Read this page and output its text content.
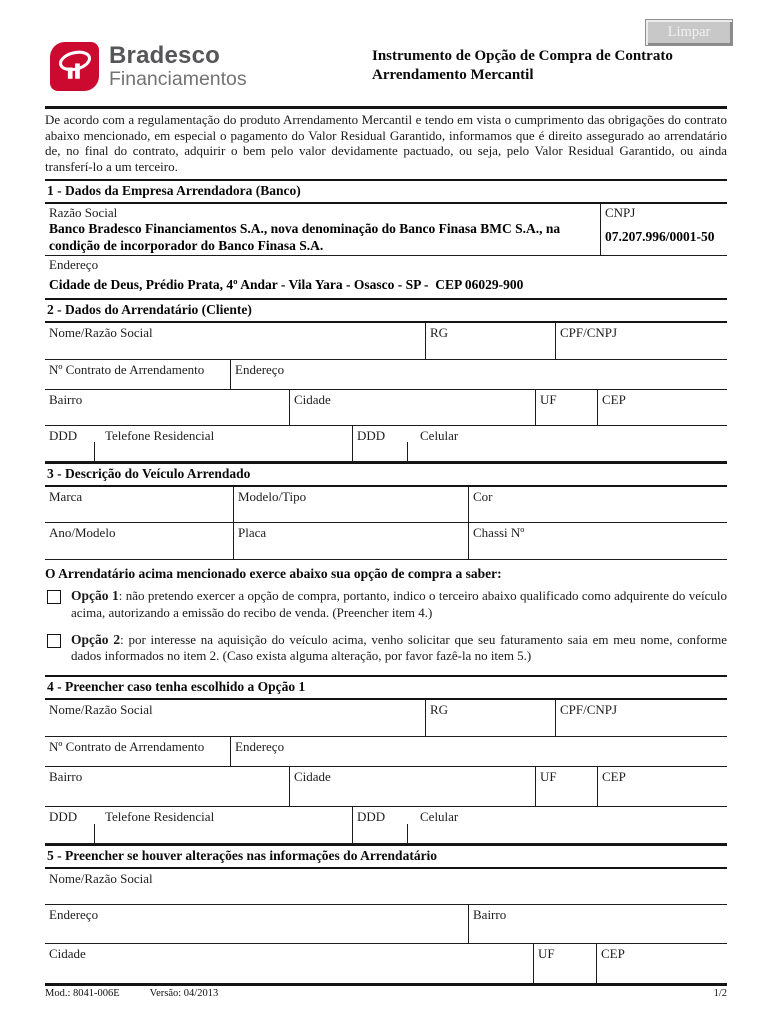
Limpar
Bradesco
Financiamentos
Instrumento de Opção de Compra de Contrato
Arrendamento Mercantil
De acordo com a regulamentação do produto Arrendamento Mercantil e tendo em vista o cumprimento das obrigações do contrato abaixo mencionado, em especial o pagamento do Valor Residual Garantido, informamos que é direito assegurado ao arrendatário de, no final do contrato, adquirir o bem pelo valor devidamente pactuado, ou seja, pelo Valor Residual Garantido, ou ainda transferí-lo a um terceiro.
1 - Dados da Empresa Arrendadora (Banco)
Razão Social
Banco Bradesco Financiamentos S.A., nova denominação do Banco Finasa BMC S.A., na condição de incorporador do Banco Finasa S.A.
CNPJ
07.207.996/0001-50
Endereço
Cidade de Deus, Prédio Prata, 4º Andar - Vila Yara - Osasco - SP -  CEP 06029-900
2 - Dados do Arrendatário (Cliente)
Nome/Razão Social	RG	CPF/CNPJ
Nº Contrato de Arrendamento	Endereço
Bairro	Cidade	UF	CEP
DDD	Telefone Residencial	DDD	Celular
3 - Descrição do Veículo Arrendado
Marca	Modelo/Tipo	Cor
Ano/Modelo	Placa	Chassi Nº
O Arrendatário acima mencionado exerce abaixo sua opção de compra a saber:
Opção 1: não pretendo exercer a opção de compra, portanto, indico o terceiro abaixo qualificado como adquirente do veículo acima, autorizando a emissão do recibo de venda. (Preencher item 4.)
Opção 2: por interesse na aquisição do veículo acima, venho solicitar que seu faturamento saia em meu nome, conforme dados informados no item 2. (Caso exista alguma alteração, por favor fazê-la no item 5.)
4 - Preencher caso tenha escolhido a Opção 1
Nome/Razão Social	RG	CPF/CNPJ
Nº Contrato de Arrendamento	Endereço
Bairro	Cidade	UF	CEP
DDD	Telefone Residencial	DDD	Celular
5 - Preencher se houver alterações nas informações do Arrendatário
Nome/Razão Social
Endereço	Bairro
Cidade	UF	CEP
Mod.: 8041-006E	Versão: 04/2013	1/2
